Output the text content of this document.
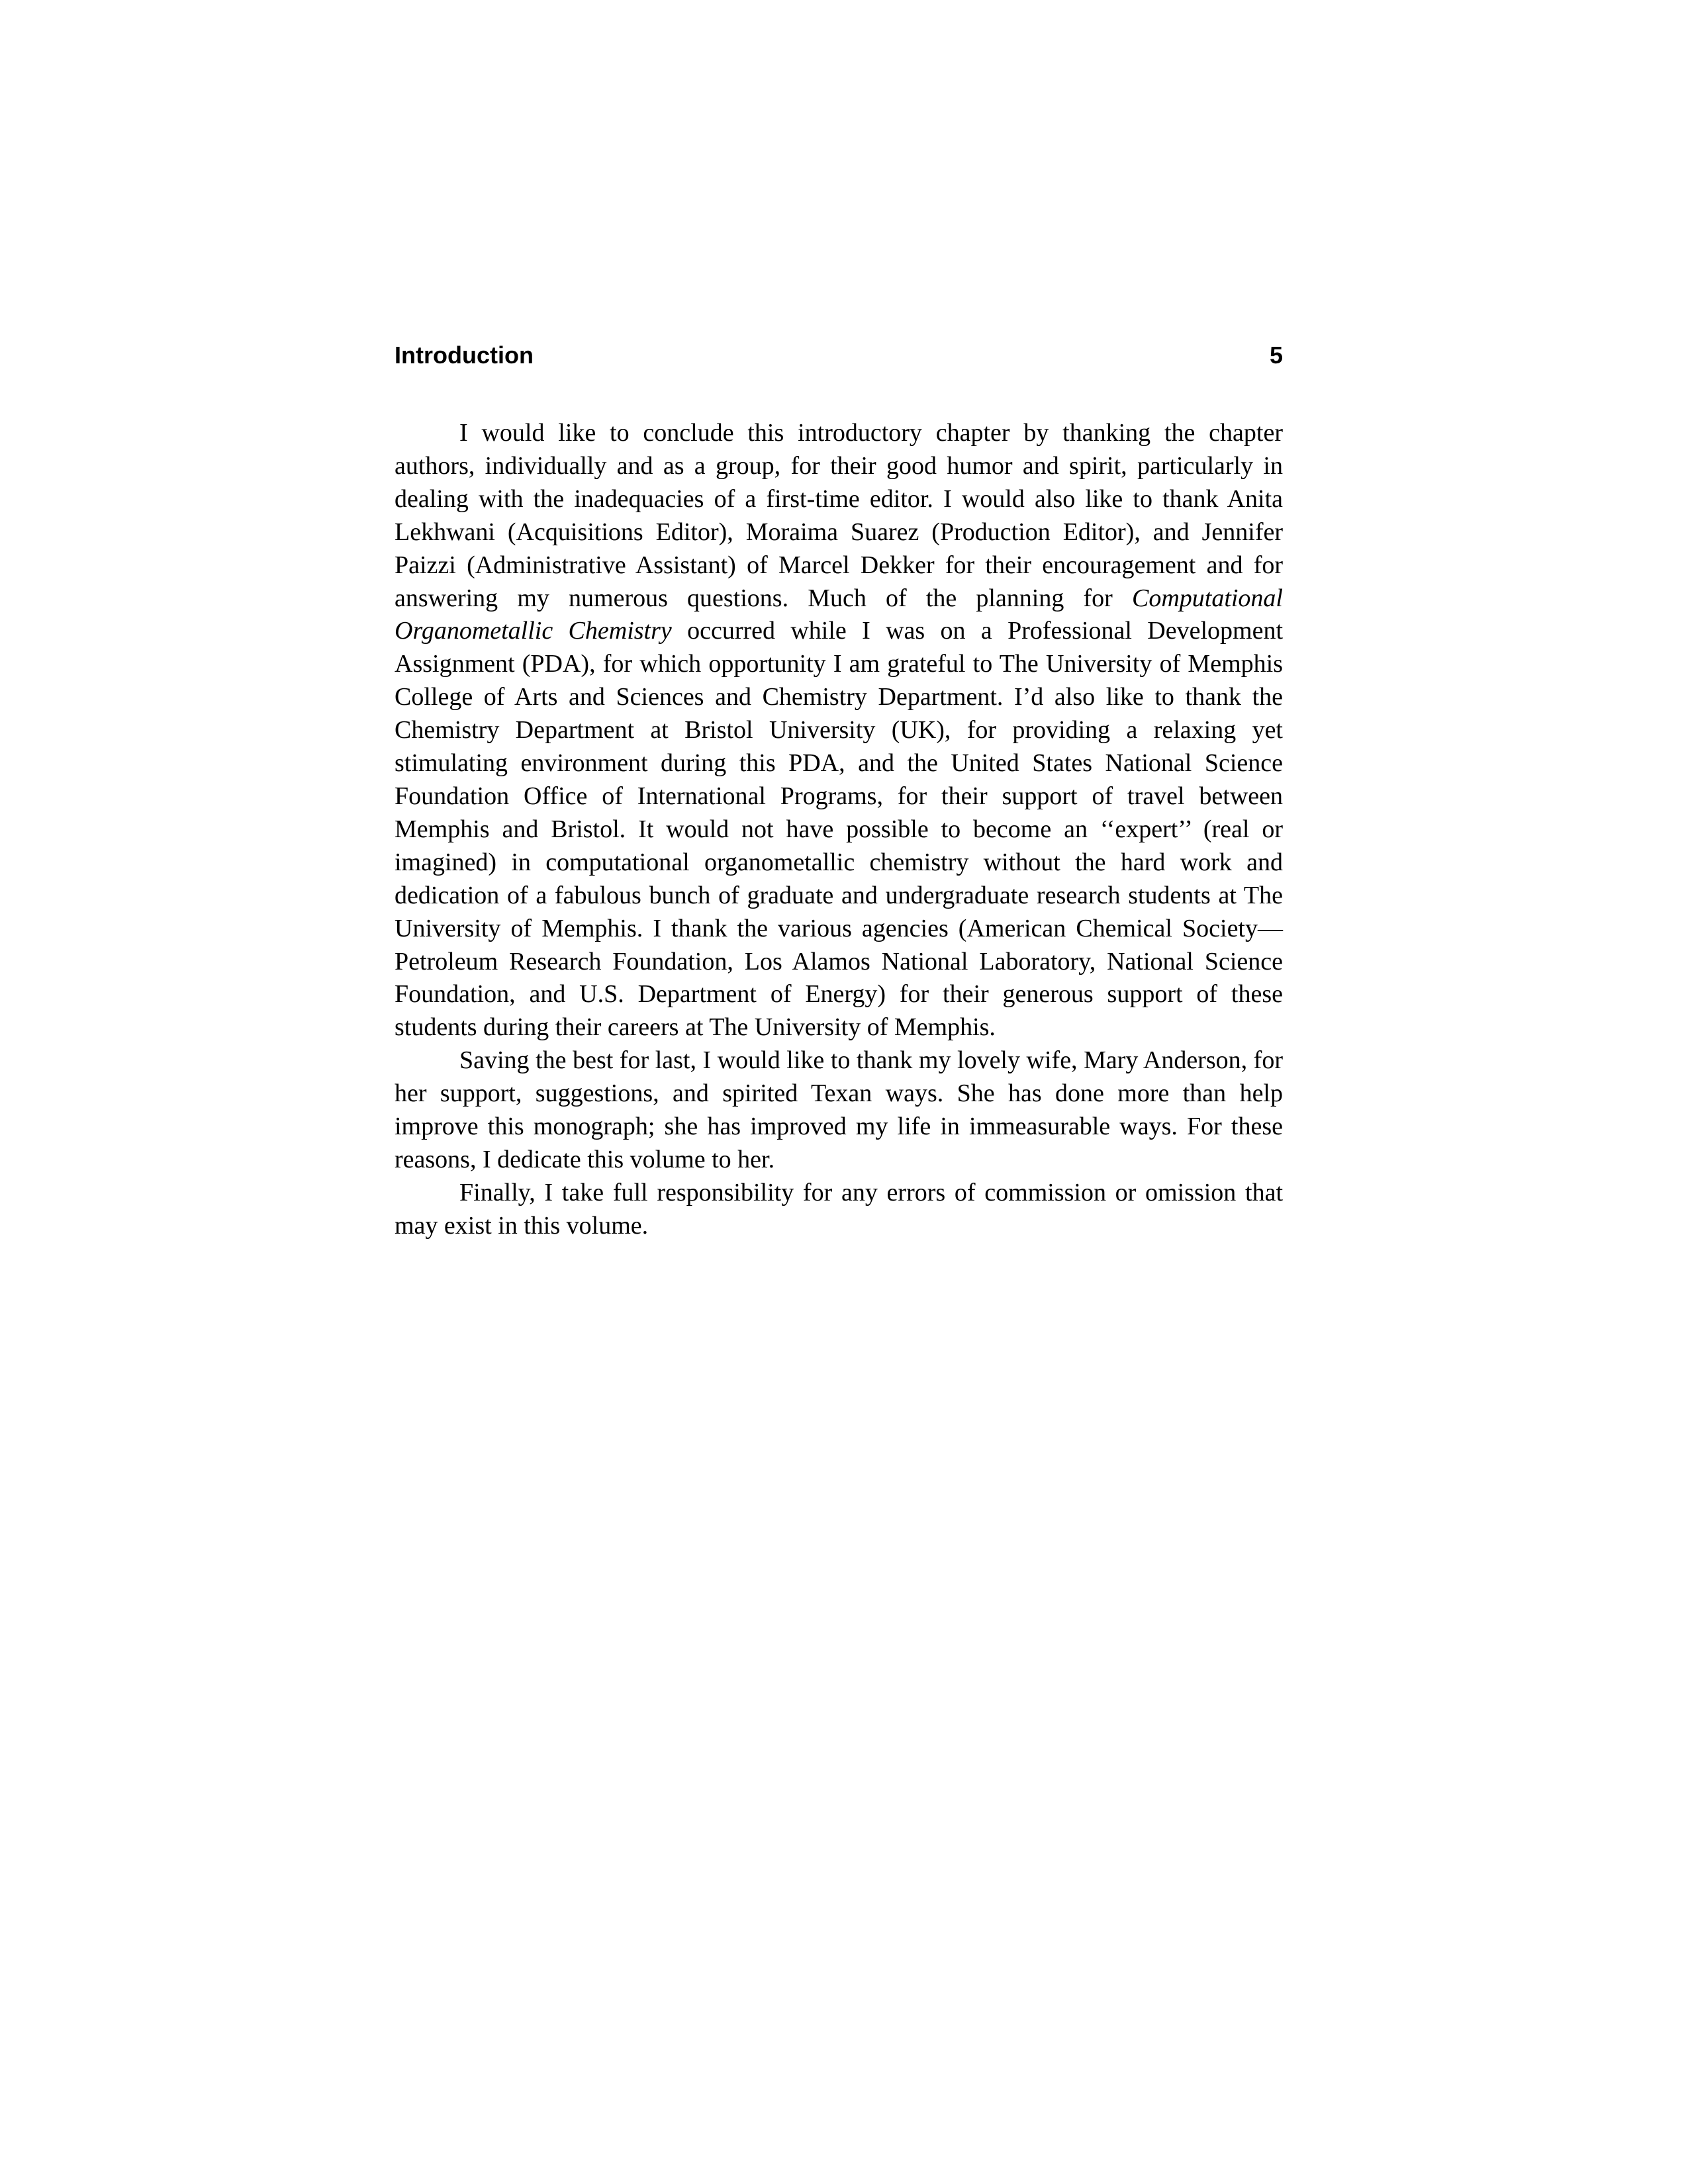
Introduction	5

I would like to conclude this introductory chapter by thanking the chapter authors, individually and as a group, for their good humor and spirit, particularly in dealing with the inadequacies of a first-time editor. I would also like to thank Anita Lekhwani (Acquisitions Editor), Moraima Suarez (Production Editor), and Jennifer Paizzi (Administrative Assistant) of Marcel Dekker for their encouragement and for answering my numerous questions. Much of the planning for Computational Organometallic Chemistry occurred while I was on a Professional Development Assignment (PDA), for which opportunity I am grateful to The University of Memphis College of Arts and Sciences and Chemistry Department. I’d also like to thank the Chemistry Department at Bristol University (UK), for providing a relaxing yet stimulating environment during this PDA, and the United States National Science Foundation Office of International Programs, for their support of travel between Memphis and Bristol. It would not have possible to become an ‘‘expert’’ (real or imagined) in computational organometallic chemistry without the hard work and dedication of a fabulous bunch of graduate and undergraduate research students at The University of Memphis. I thank the various agencies (American Chemical Society—Petroleum Research Foundation, Los Alamos National Laboratory, National Science Foundation, and U.S. Department of Energy) for their generous support of these students during their careers at The University of Memphis.

Saving the best for last, I would like to thank my lovely wife, Mary Anderson, for her support, suggestions, and spirited Texan ways. She has done more than help improve this monograph; she has improved my life in immeasurable ways. For these reasons, I dedicate this volume to her.

Finally, I take full responsibility for any errors of commission or omission that may exist in this volume.
